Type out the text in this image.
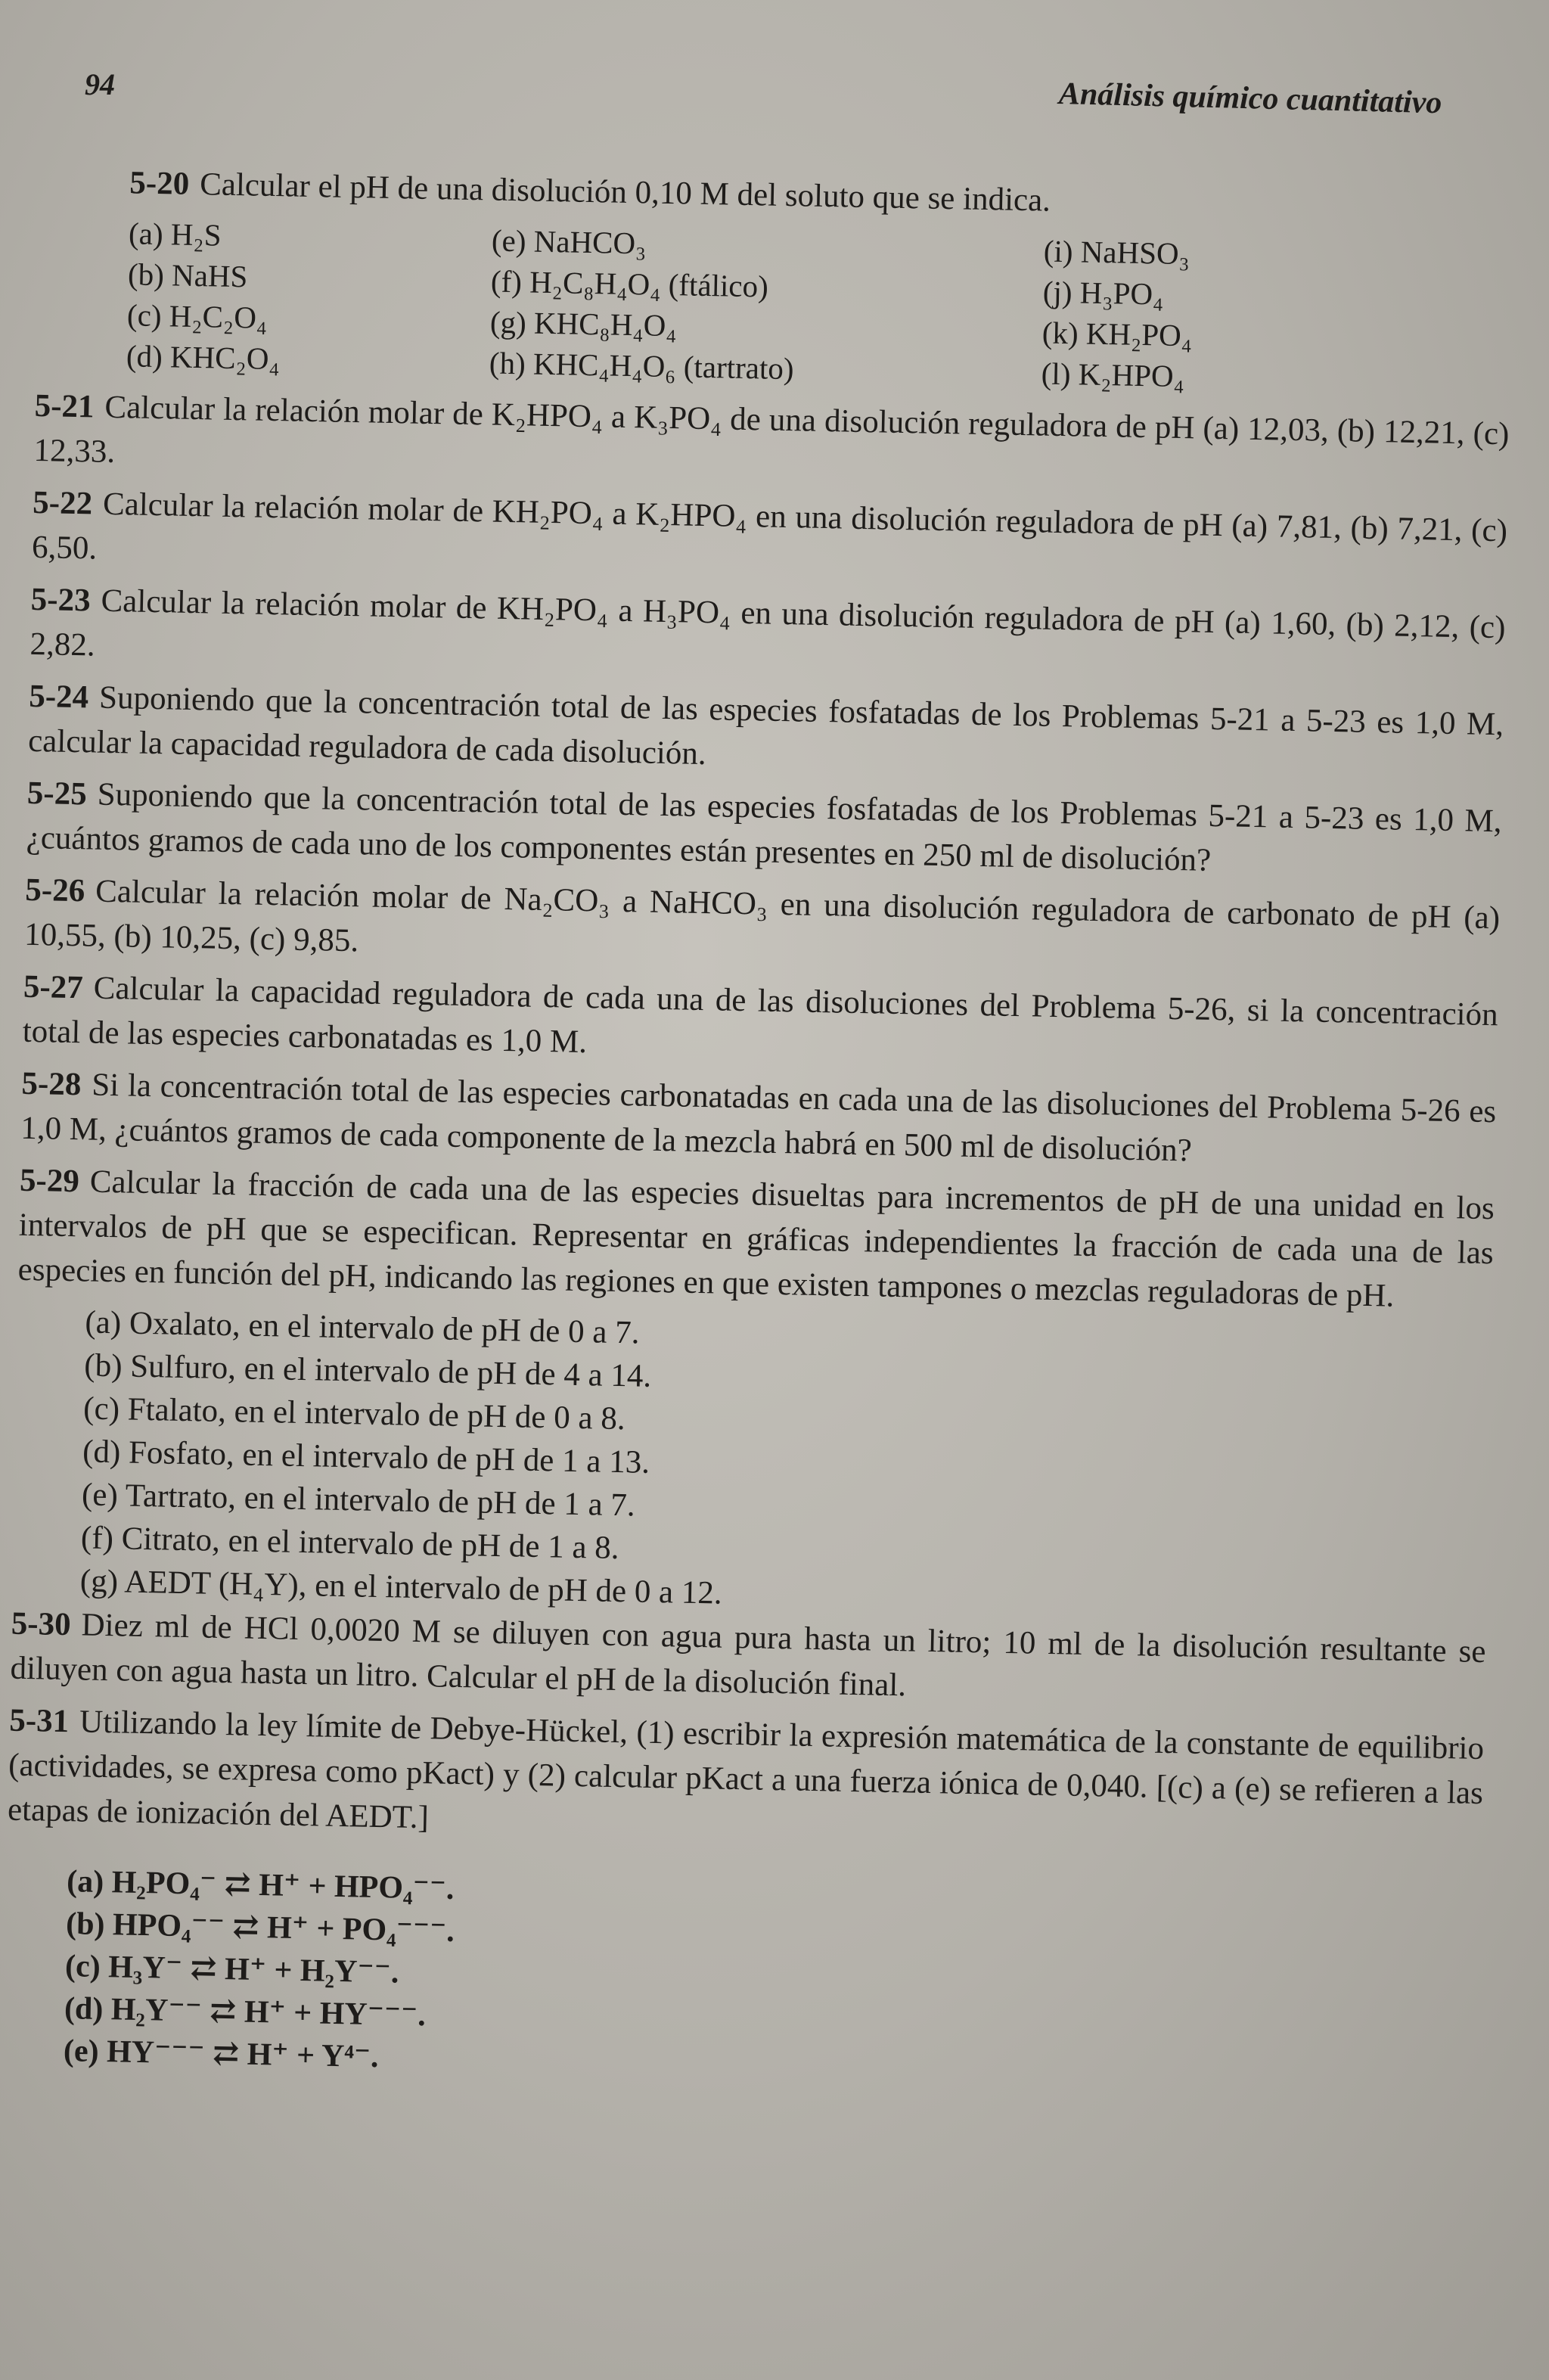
94	Análisis químico cuantitativo

5-20 Calcular el pH de una disolución 0,10 M del soluto que se indica.

(a) H₂S	(e) NaHCO₃	(i) NaHSO₃
(b) NaHS	(f) H₂C₈H₄O₄ (ftálico)	(j) H₃PO₄
(c) H₂C₂O₄	(g) KHC₈H₄O₄	(k) KH₂PO₄
(d) KHC₂O₄	(h) KHC₄H₄O₆ (tartrato)	(l) K₂HPO₄

5-21 Calcular la relación molar de K₂HPO₄ a K₃PO₄ de una disolución reguladora de pH (a) 12,03, (b) 12,21, (c) 12,33.

5-22 Calcular la relación molar de KH₂PO₄ a K₂HPO₄ en una disolución reguladora de pH (a) 7,81, (b) 7,21, (c) 6,50.

5-23 Calcular la relación molar de KH₂PO₄ a H₃PO₄ en una disolución reguladora de pH (a) 1,60, (b) 2,12, (c) 2,82.

5-24 Suponiendo que la concentración total de las especies fosfatadas de los Problemas 5-21 a 5-23 es 1,0 M, calcular la capacidad reguladora de cada disolución.

5-25 Suponiendo que la concentración total de las especies fosfatadas de los Problemas 5-21 a 5-23 es 1,0 M, ¿cuántos gramos de cada uno de los componentes están presentes en 250 ml de disolución?

5-26 Calcular la relación molar de Na₂CO₃ a NaHCO₃ en una disolución reguladora de carbonato de pH (a) 10,55, (b) 10,25, (c) 9,85.

5-27 Calcular la capacidad reguladora de cada una de las disoluciones del Problema 5-26, si la concentración total de las especies carbonatadas es 1,0 M.

5-28 Si la concentración total de las especies carbonatadas en cada una de las disoluciones del Problema 5-26 es 1,0 M, ¿cuántos gramos de cada componente de la mezcla habrá en 500 ml de disolución?

5-29 Calcular la fracción de cada una de las especies disueltas para incrementos de pH de una unidad en los intervalos de pH que se especifican. Representar en gráficas independientes la fracción de cada una de las especies en función del pH, indicando las regiones en que existen tampones o mezclas reguladoras de pH.

(a) Oxalato, en el intervalo de pH de 0 a 7.
(b) Sulfuro, en el intervalo de pH de 4 a 14.
(c) Ftalato, en el intervalo de pH de 0 a 8.
(d) Fosfato, en el intervalo de pH de 1 a 13.
(e) Tartrato, en el intervalo de pH de 1 a 7.
(f) Citrato, en el intervalo de pH de 1 a 8.
(g) AEDT (H₄Y), en el intervalo de pH de 0 a 12.

5-30 Diez ml de HCl 0,0020 M se diluyen con agua pura hasta un litro; 10 ml de la disolución resultante se diluyen con agua hasta un litro. Calcular el pH de la disolución final.

5-31 Utilizando la ley límite de Debye-Hückel, (1) escribir la expresión matemática de la constante de equilibrio (actividades, se expresa como pKact) y (2) calcular pKact a una fuerza iónica de 0,040. [(c) a (e) se refieren a las etapas de ionización del AEDT.]

(a) H₂PO₄⁻ ⇄ H⁺ + HPO₄⁻⁻.
(b) HPO₄⁻⁻ ⇄ H⁺ + PO₄⁻⁻⁻.
(c) H₃Y⁻ ⇄ H⁺ + H₂Y⁻⁻.
(d) H₂Y⁻⁻ ⇄ H⁺ + HY⁻⁻⁻.
(e) HY⁻⁻⁻ ⇄ H⁺ + Y⁴⁻.
